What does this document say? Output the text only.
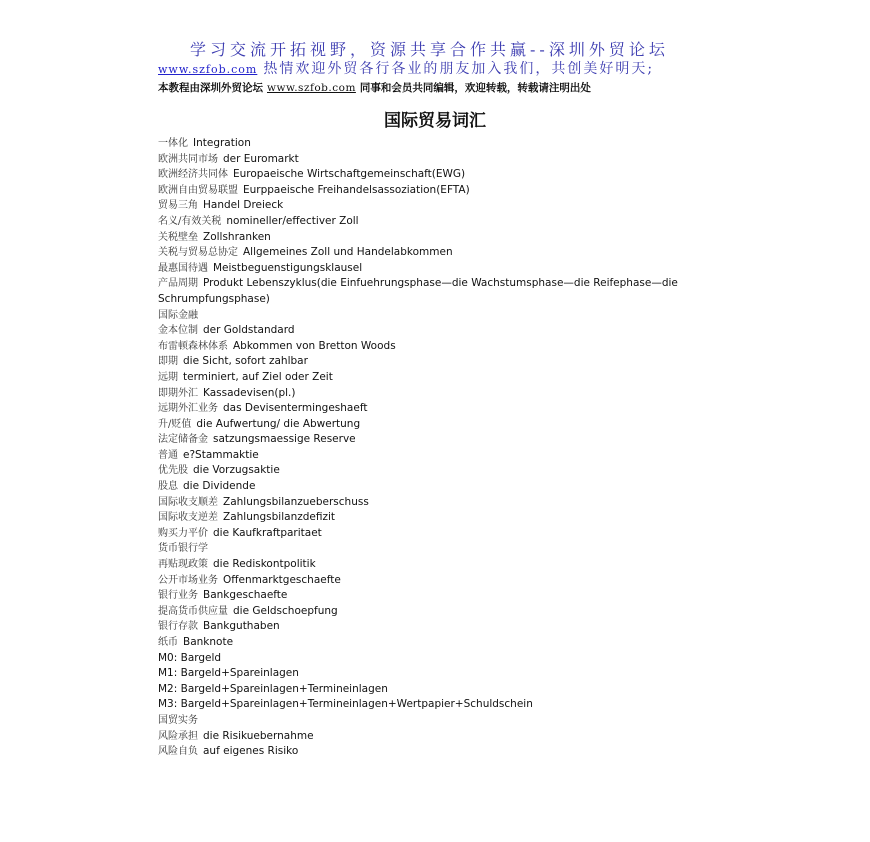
学习交流开拓视野，资源共享合作共赢--深圳外贸论坛
www.szfob.com 热情欢迎外贸各行各业的朋友加入我们，共创美好明天;
本教程由深圳外贸论坛 www.szfob.com 同事和会员共同编辑，欢迎转载，转载请注明出处
国际贸易词汇
一体化 Integration
欧洲共同市场 der Euromarkt
欧洲经济共同体 Europaeische Wirtschaftgemeinschaft(EWG)
欧洲自由贸易联盟 Eurppaeische Freihandelsassoziation(EFTA)
贸易三角 Handel Dreieck
名义/有效关税 nomineller/effectiver Zoll
关税壁垒 Zollshranken
关税与贸易总协定 Allgemeines Zoll und Handelabkommen
最惠国待遇 Meistbeguenstigungsklausel
产品周期 Produkt Lebenszyklus(die Einfuehrungsphase—die Wachstumsphase—die Reifephase—die Schrumpfungsphase)
国际金融
金本位制 der Goldstandard
布雷顿森林体系 Abkommen von Bretton Woods
即期 die Sicht, sofort zahlbar
远期 terminiert, auf Ziel oder Zeit
即期外汇 Kassadevisen(pl.)
远期外汇业务 das Devisentermingeshaeft
升/贬值 die Aufwertung/ die Abwertung
法定储备金 satzungsmaessige Reserve
普通 e?Stammaktie
优先股 die Vorzugsaktie
股息 die Dividende
国际收支顺差 Zahlungsbilanzueberschuss
国际收支逆差 Zahlungsbilanzdefizit
购买力平价 die Kaufkraftparitaet
货币银行学
再贴现政策 die Rediskontpolitik
公开市场业务 Offenmarktgeschaefte
银行业务 Bankgeschaefte
提高货币供应量 die Geldschoepfung
银行存款 Bankguthaben
纸币 Banknote
M0: Bargeld
M1: Bargeld+Spareinlagen
M2: Bargeld+Spareinlagen+Termineinlagen
M3: Bargeld+Spareinlagen+Termineinlagen+Wertpapier+Schuldschein
国贸实务
风险承担 die Risikuebernahme
风险自负 auf eigenes Risiko
